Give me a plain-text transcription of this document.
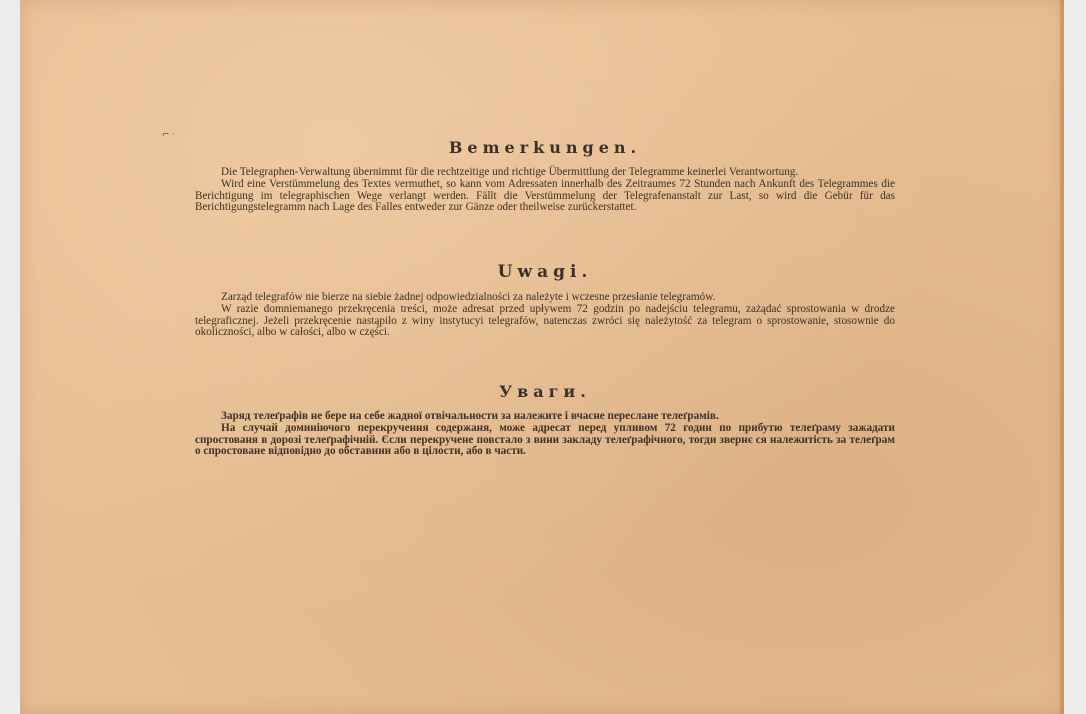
⌐ ·
Bemerkungen.

Die Telegraphen-Verwaltung übernimmt für die rechtzeitige und richtige Übermittlung der Telegramme keinerlei Verantwortung.

Wird eine Verstümmelung des Textes vermuthet, so kann vom Adressaten innerhalb des Zeitraumes 72 Stunden nach Ankunft des Telegrammes die Berichtigung im telegraphischen Wege verlangt werden. Fällt die Verstümmelung der Telegrafenanstalt zur Last, so wird die Gebür für das Berichtigungstelegramm nach Lage des Falles entweder zur Gänze oder theilweise zurückerstattet.

Uwagi.

Zarząd telegrafów nie bierze na siebie żadnej odpowiedzialności za należyte i wczesne przesłanie telegramów.

W razie domniemanego przekręcenia treści, może adresat przed upływem 72 godzin po nadejściu telegramu, zażądać sprostowania w drodze telegraficznej. Jeżeli przekręcenie nastąpiło z winy instytucyi telegrafów, natenczas zwróci się należytość za telegram o sprostowanie, stosownie do okoliczności, albo w całości, albo w części.

Уваги.

Заряд телеґрафів не бере на себе жадної отвічальности за належите і вчасне переслане телеґрамів.

На случай доминіючого перекручення содержаня, може адресат перед упливом 72 годин по прибутю телеґраму зажадати спростованя в дорозі телеґрафічній. Єсли перекручене повстало з вини закладу телеґрафічного, тогди звернє ся належитість за телеґрам о спростоване відповідно до обставини або в цілости, або в части.
